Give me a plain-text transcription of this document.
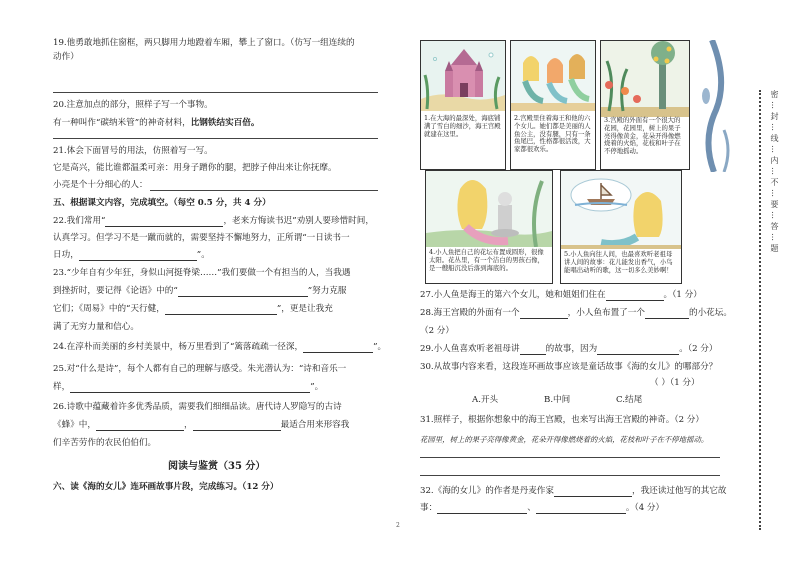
19.他勇敢地抓住窗框，两只脚用力地蹬着车厢，攀上了窗口。（仿写一组连续的
动作）
20.注意加点的部分，照样子写一个事物。
有一种叫作“碳纳米管”的神奇材料，比钢铁结实百倍。
21.体会下面冒号的用法，仿照着写一写。
它是高兴，能比谁都温柔可亲：用身子蹭你的腿，把脖子伸出来让你抚摩。
小亮是个十分细心的人：
五、根据课文内容，完成填空。（每空 0.5 分，共 4 分）
22.我们常用“	，老来方悔读书迟”劝别人要珍惜时间，
认真学习。但学习不是一蹴而就的，需要坚持不懈地努力，正所谓“一日读书一
日功，	”。
23.“少年自有少年狂，身似山河挺脊梁……”我们要做一个有担当的人，当我遇
到挫折时，要记得《论语》中的“	”努力克服
它们；《周易》中的“天行健，	”，更是让我充
满了无穷力量和信心。
24.在淳朴而美丽的乡村美景中，杨万里看到了“篱落疏疏一径深，	”。
25.对“什么是诗”，每个人都有自己的理解与感受。朱光潜认为：“诗和音乐一
样，	”。
26.诗歌中蕴藏着许多优秀品质，需要我们细细品读。唐代诗人罗隐写的古诗
《蜂》中，	，	最适合用来形容我
们辛苦劳作的农民伯伯们。
阅读与鉴赏（35 分）
六、读《海的女儿》连环画故事片段，完成练习。（12 分）
1.在大海的最深处，海底铺满了雪白的细沙，海王宫殿就建在这里。
2.宫殿里住着海王和他的六个女儿。她们都是美丽的人鱼公主，没有腿，只有一条鱼尾巴，性格都很活泼，大家都很欢乐。
3.宫殿的外面有一个很大的花园，花园里，树上的果子亮得像黄金，花朵开得像燃烧着的火焰，花枝和叶子在不停地摇动。
4.小人鱼把自己的花坛布置成圆形，很像太阳。花丛里，有一个洁白的男孩石像，是一艘船沉没后落到海底的。
5.小人鱼向往人间，也最喜欢听老祖母讲人间的故事：花儿能发出香气，小鸟能唱出动听的歌，这一切多么美妙啊！
27.小人鱼是海王的第六个女儿，她和姐姐们住在	。（1 分）
28.海王宫殿的外面有一个	，小人鱼布置了一个	的小花坛。
（2 分）
29.小人鱼喜欢听老祖母讲	的故事，因为	。（2 分）
30.从故事内容来看，这段连环画故事应该是童话故事《海的女儿》的哪部分？
（ ）（1 分）
A.开头	B.中间	C.结尾
31.照样子，根据你想象中的海王宫殿，也来写出海王宫殿的神奇。（2 分）
花园里，树上的果子亮得像黄金，花朵开得像燃烧着的火焰，花枝和叶子在不停地摇动。
32.《海的女儿》的作者是丹麦作家	，我还读过他写的其它故
事：	、	。（4 分）
密…封…线…内…不…要…答…题
2
